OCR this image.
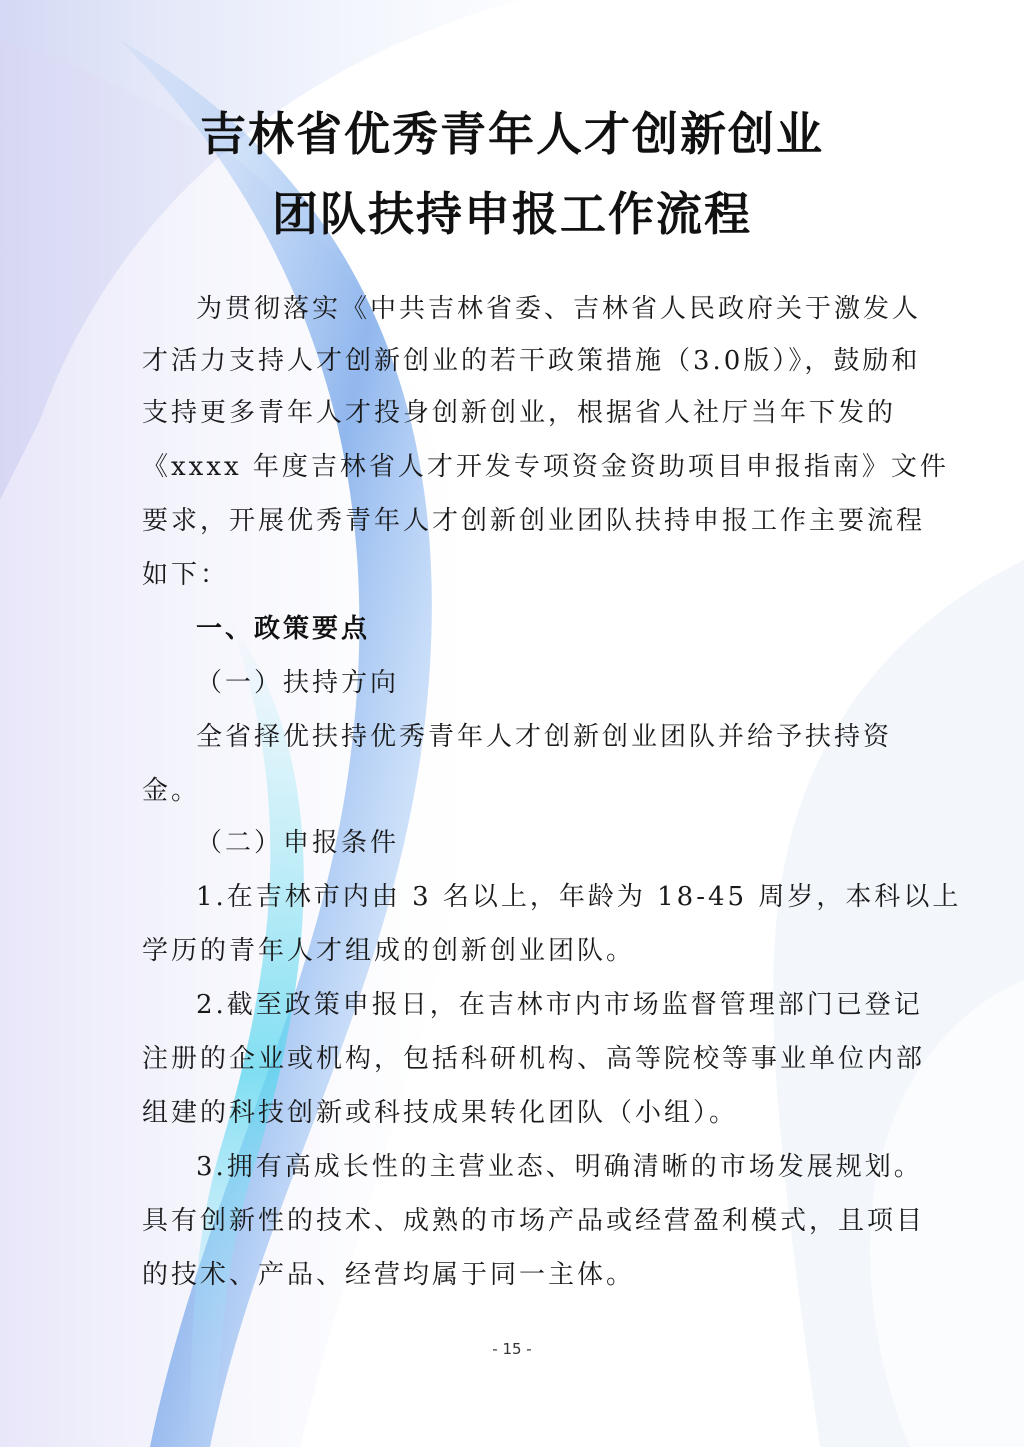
吉林省优秀青年人才创新创业
团队扶持申报工作流程

为贯彻落实《中共吉林省委、吉林省人民政府关于激发人

才活力支持人才创新创业的若干政策措施（3.0版）》，鼓励和

支持更多青年人才投身创新创业，根据省人社厅当年下发的

《xxxx 年度吉林省人才开发专项资金资助项目申报指南》文件

要求，开展优秀青年人才创新创业团队扶持申报工作主要流程

如下：

一、政策要点

（一）扶持方向

全省择优扶持优秀青年人才创新创业团队并给予扶持资

金。

（二）申报条件

1.在吉林市内由 3 名以上，年龄为 18-45 周岁，本科以上

学历的青年人才组成的创新创业团队。

2.截至政策申报日，在吉林市内市场监督管理部门已登记

注册的企业或机构，包括科研机构、高等院校等事业单位内部

组建的科技创新或科技成果转化团队（小组）。

3.拥有高成长性的主营业态、明确清晰的市场发展规划。

具有创新性的技术、成熟的市场产品或经营盈利模式，且项目

的技术、产品、经营均属于同一主体。

- 15 -
